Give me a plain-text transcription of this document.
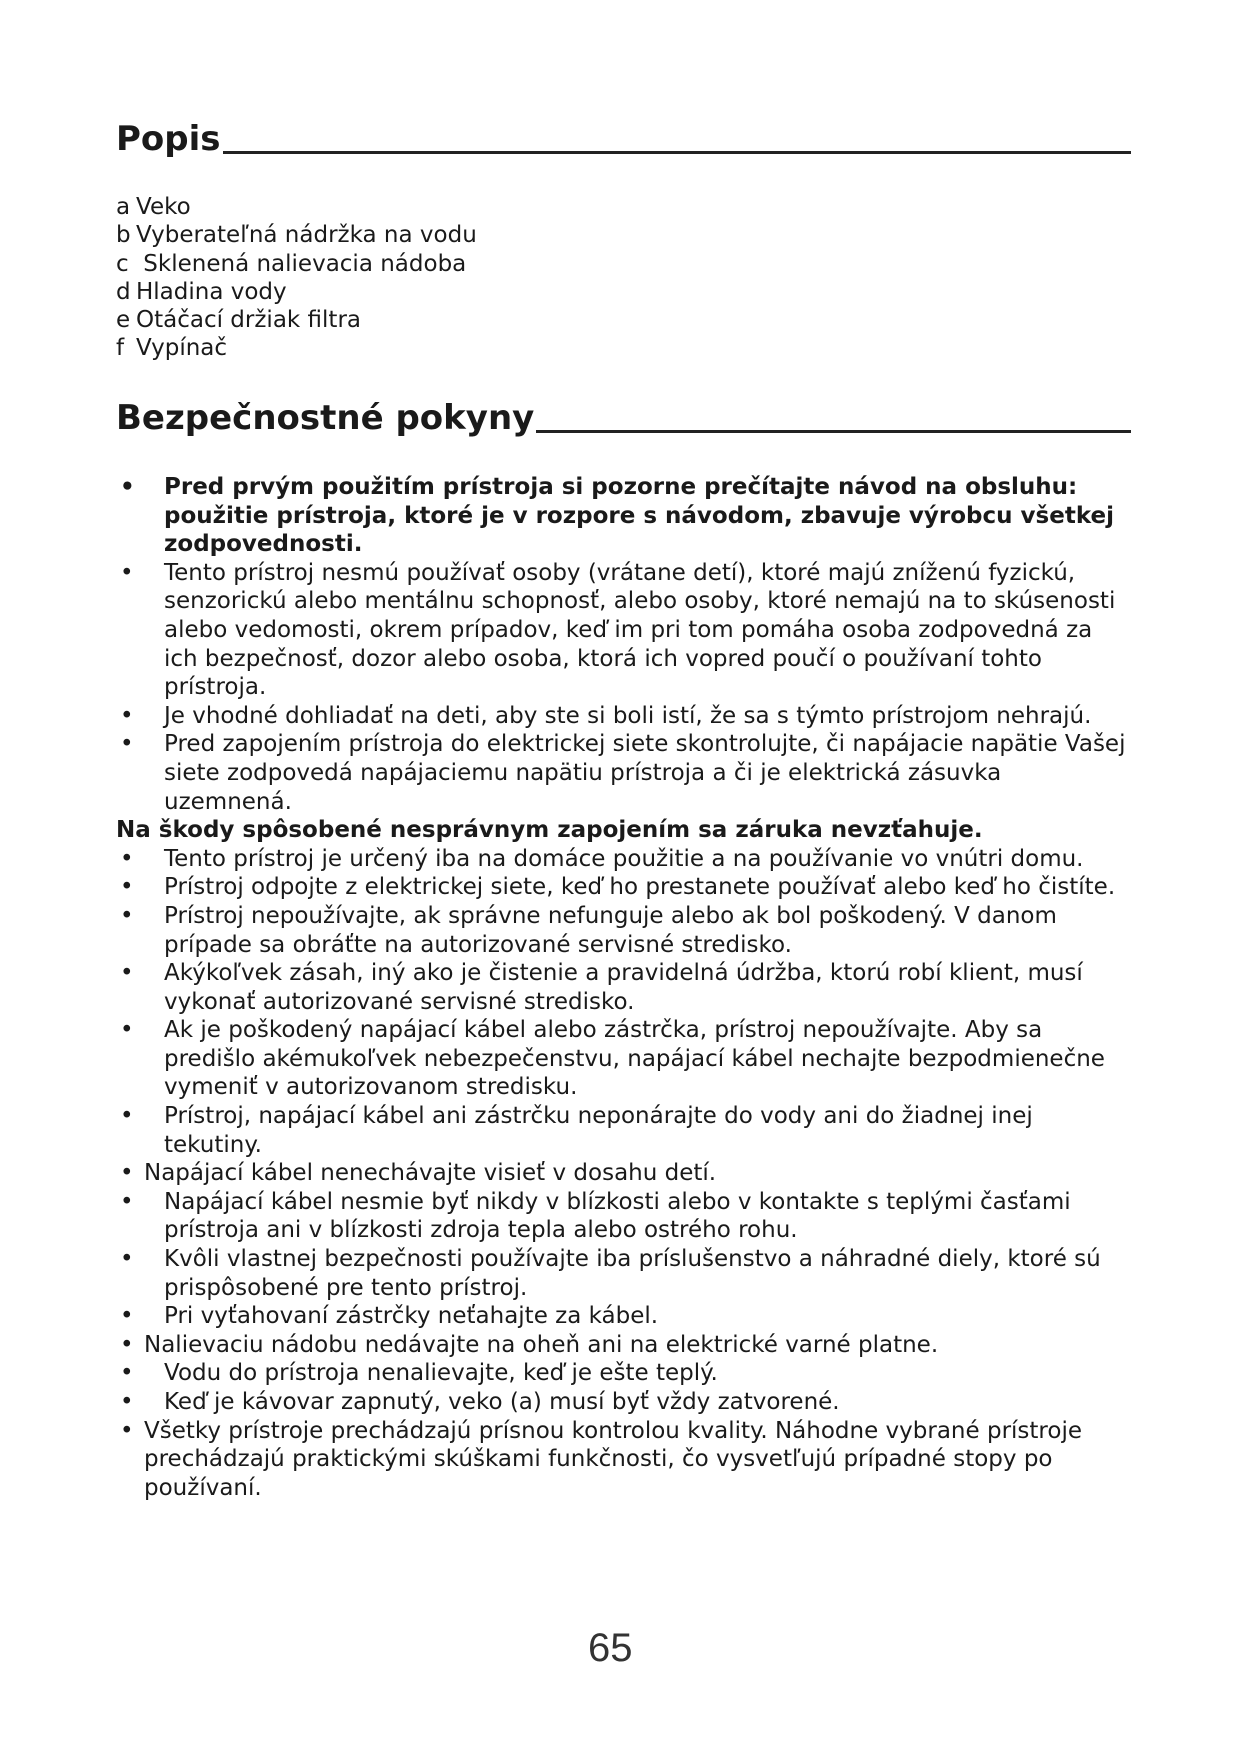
Popis
a Veko
b Vyberateľná nádržka na vodu
c Sklenená nalievacia nádoba
d Hladina vody
e Otáčací držiak filtra
f Vypínač
Bezpečnostné pokyny
• Pred prvým použitím prístroja si pozorne prečítajte návod na obsluhu: použitie prístroja, ktoré je v rozpore s návodom, zbavuje výrobcu všetkej zodpovednosti.
• Tento prístroj nesmú používať osoby (vrátane detí), ktoré majú zníženú fyzickú, senzorickú alebo mentálnu schopnosť, alebo osoby, ktoré nemajú na to skúsenosti alebo vedomosti, okrem prípadov, keď im pri tom pomáha osoba zodpovedná za ich bezpečnosť, dozor alebo osoba, ktorá ich vopred poučí o používaní tohto prístroja.
• Je vhodné dohliadať na deti, aby ste si boli istí, že sa s týmto prístrojom nehrajú.
• Pred zapojením prístroja do elektrickej siete skontrolujte, či napájacie napätie Vašej siete zodpovedá napájaciemu napätiu prístroja a či je elektrická zásuvka uzemnená.
Na škody spôsobené nesprávnym zapojením sa záruka nevzťahuje.
• Tento prístroj je určený iba na domáce použitie a na používanie vo vnútri domu.
• Prístroj odpojte z elektrickej siete, keď ho prestanete používať alebo keď ho čistíte.
• Prístroj nepoužívajte, ak správne nefunguje alebo ak bol poškodený. V danom prípade sa obráťte na autorizované servisné stredisko.
• Akýkoľvek zásah, iný ako je čistenie a pravidelná údržba, ktorú robí klient, musí vykonať autorizované servisné stredisko.
• Ak je poškodený napájací kábel alebo zástrčka, prístroj nepoužívajte. Aby sa predišlo akémukoľvek nebezpečenstvu, napájací kábel nechajte bezpodmienečne vymeniť v autorizovanom stredisku.
• Prístroj, napájací kábel ani zástrčku neponárajte do vody ani do žiadnej inej tekutiny.
• Napájací kábel nenechávajte visieť v dosahu detí.
• Napájací kábel nesmie byť nikdy v blízkosti alebo v kontakte s teplými časťami prístroja ani v blízkosti zdroja tepla alebo ostrého rohu.
• Kvôli vlastnej bezpečnosti používajte iba príslušenstvo a náhradné diely, ktoré sú prispôsobené pre tento prístroj.
• Pri vyťahovaní zástrčky neťahajte za kábel.
• Nalievaciu nádobu nedávajte na oheň ani na elektrické varné platne.
• Vodu do prístroja nenalievajte, keď je ešte teplý.
• Keď je kávovar zapnutý, veko (a) musí byť vždy zatvorené.
• Všetky prístroje prechádzajú prísnou kontrolou kvality. Náhodne vybrané prístroje prechádzajú praktickými skúškami funkčnosti, čo vysvetľujú prípadné stopy po používaní.
65
